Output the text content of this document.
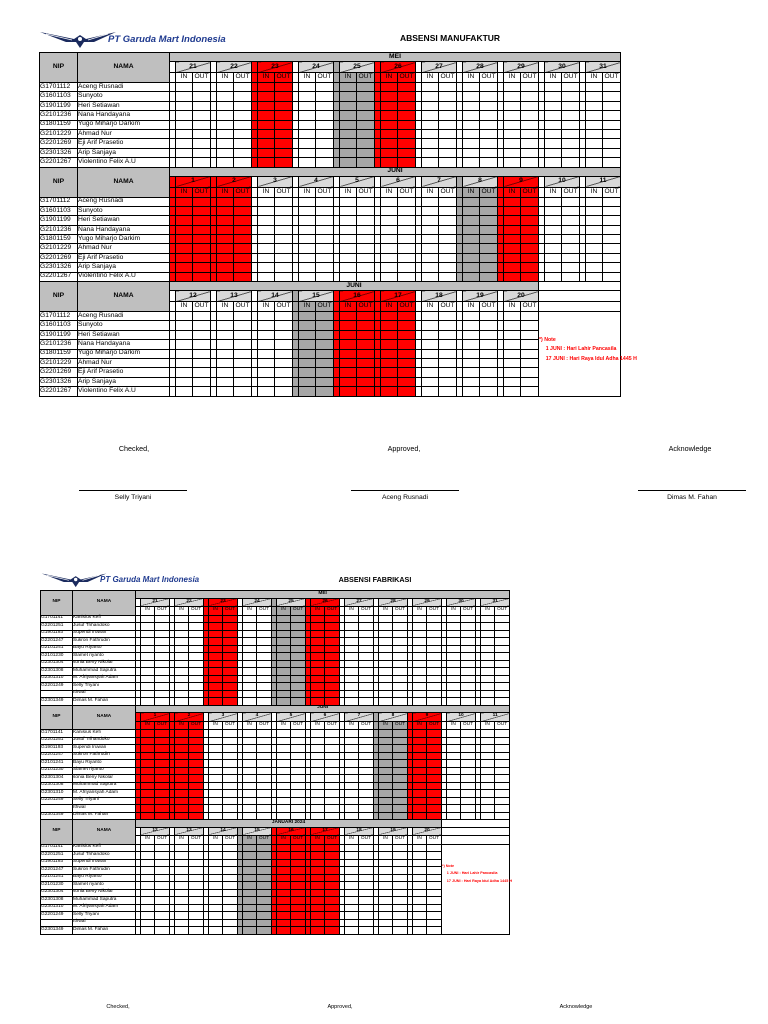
PT Garuda Mart Indonesia	ABSENSI MANUFAKTUR
NIP	NAMA	MEI																																
			21			22			23			24			25			26			27			28			29			30			31	
			IN	OUT		IN	OUT		IN	OUT		IN	OUT		IN	OUT		IN	OUT		IN	OUT		IN	OUT		IN	OUT		IN	OUT		IN	OUT
G1701112	Aceng Rusnadi																																	
G1601103	Sunyoto																																	
G1901199	Heri Setiawan																																	
G2101236	Nana Handayana																																	
G1801159	Yugo Miharjo Darkim																																	
G2101229	Ahmad Nur																																	
G2201269	Eji Arif Prasetio																																	
G2301326	Arip Sanjaya																																	
G2201267	Violentino Felix A.U																																	
NIP	NAMA	JUNI																																
			1			2			3			4			5			6			7			8			9			10			11	
			IN	OUT		IN	OUT		IN	OUT		IN	OUT		IN	OUT		IN	OUT		IN	OUT		IN	OUT		IN	OUT		IN	OUT		IN	OUT
G1701112	Aceng Rusnadi																																	
G1601103	Sunyoto																																	
G1901199	Heri Setiawan																																	
G2101236	Nana Handayana																																	
G1801159	Yugo Miharjo Darkim																																	
G2101229	Ahmad Nur																																	
G2201269	Eji Arif Prasetio																																	
G2301326	Arip Sanjaya																																	
G2201267	Violentino Felix A.U																																	
NIP	NAMA	JUNI																																
			12			13			14			15			16			17			18			19			20							
			IN	OUT		IN	OUT		IN	OUT		IN	OUT		IN	OUT		IN	OUT		IN	OUT		IN	OUT		IN	OUT						
G1701112	Aceng Rusnadi																												*) Note
1 JUNI : Hari Lahir Pancasila
17 JUNI : Hari Raya Idul Adha 1445 H					

G1601103	Sunyoto																																	
G1901199	Heri Setiawan																																	
G2101236	Nana Handayana																																	
G1801159	Yugo Miharjo Darkim																																	
G2101229	Ahmad Nur																																	
G2201269	Eji Arif Prasetio																																	
G2301326	Arip Sanjaya																																	
G2201267	Violentino Felix A.U																																	
Checked,
Selly Triyani
Approved,
Aceng Rusnadi
Acknowledge
Dimas M. Fahan
PT Garuda Mart Indonesia	ABSENSI FABRIKASI
NIP	NAMA	MEI																																
			21			22			23			24			25			26			27			28			29			30			31	
			IN	OUT		IN	OUT		IN	OUT		IN	OUT		IN	OUT		IN	OUT		IN	OUT		IN	OUT		IN	OUT		IN	OUT		IN	OUT
G1701141	Kanisius Kefi																																	
G2201251	Jusuf Trihandoko																																	
G1901193	Supendi Iruwan																																	
G2201247	Sukron Fathrudin																																	
G2101241	Bayu Riyanto																																	
G2101230	Slamet riyanto																																	
G2301304	sonia Beny Nikolar																																	
G2301308	Muhammad Saputra																																	
G2301310	M. Afriyansyah Adam																																	
G2201249	Selly Triyani																																	
	Ithwal																																	
G2301349	Dimas M. Fahan																																	
NIP	NAMA	JUNI																																
			1			2			3			4			5			6			7			8			9			10			11	
			IN	OUT		IN	OUT		IN	OUT		IN	OUT		IN	OUT		IN	OUT		IN	OUT		IN	OUT		IN	OUT		IN	OUT		IN	OUT
G1701141	Kanisius Kefi																																	
G2201251	Jusuf Trihandoko																																	
G1901193	Supendi Iruwan																																	
G2201247	Sukron Fathrudin																																	
G2101241	Bayu Riyanto																																	
G2101230	Slamet riyanto																																	
G2301304	sonia Beny Nikolar																																	
G2301308	Muhammad Saputra																																	
G2301310	M. Afriyansyah Adam																																	
G2201249	Selly Triyani																																	
	Ithwal																																	
G2301349	Dimas M. Fahan																																	
NIP	NAMA	JANUARI 2024																																
			12			13			14			15			16			17			18			19			20							
			IN	OUT		IN	OUT		IN	OUT		IN	OUT		IN	OUT		IN	OUT		IN	OUT		IN	OUT		IN	OUT						
G1701141	Kanisius Kefi																												*) Note
1 JUNI : Hari Lahir Pancasila
17 JUNI : Hari Raya Idul Adha 1445 H					

G2201251	Jusuf Trihandoko																																	
G1901193	Supendi Iruwan																																	
G2201247	Sukron Fathrudin																																	
G2101241	Bayu Riyanto																																	
G2101230	Slamet riyanto																																	
G2301304	sonia Beny Nikolar																																	
G2301308	Muhammad Saputra																																	
G2301310	M. Afriyansyah Adam																																	
G2201249	Selly Triyani																																	
	Ithwal																																	
G2301349	Dimas M. Fahan																																	
Checked,	Approved,	Acknowledge
